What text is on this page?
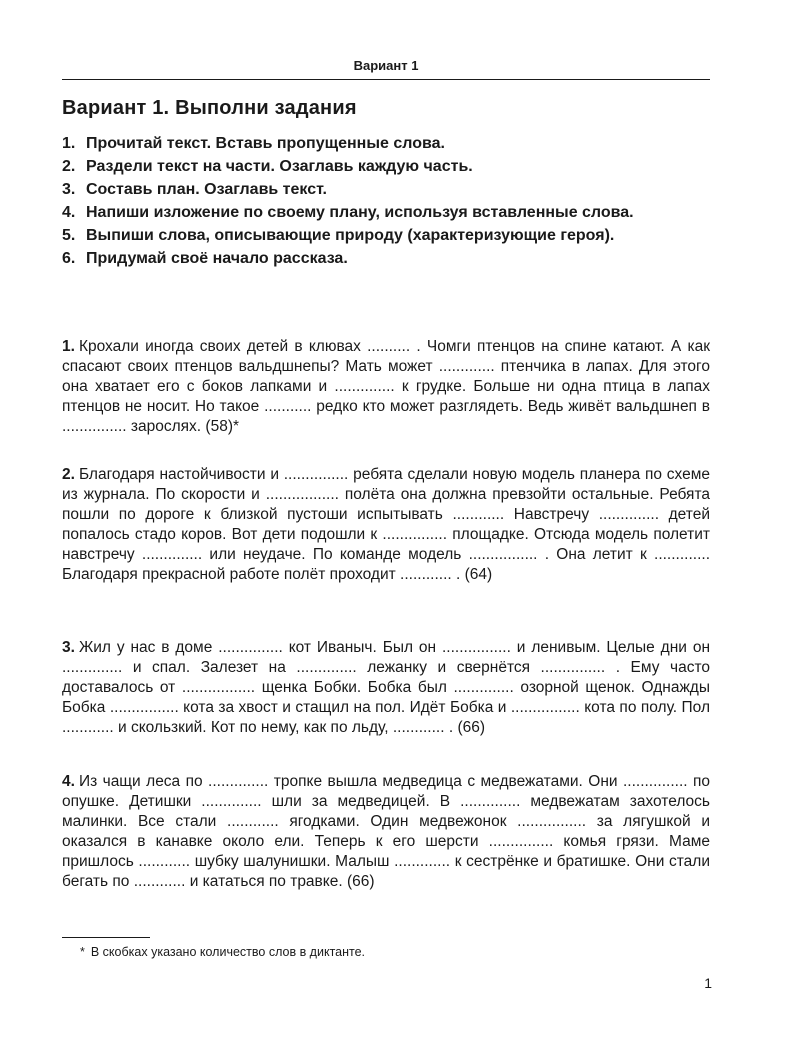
Вариант 1
Вариант 1. Выполни задания
1. Прочитай текст. Вставь пропущенные слова.
2. Раздели текст на части. Озаглавь каждую часть.
3. Составь план. Озаглавь текст.
4. Напиши изложение по своему плану, используя вставленные слова.
5. Выпиши слова, описывающие природу (характеризующие героя).
6. Придумай своё начало рассказа.

1. Крохали иногда своих детей в клювах .......... . Чомги птенцов на спине катают. А как спасают своих птенцов вальдшнепы? Мать может ............. птенчика в лапах. Для этого она хватает его с боков лапками и .............. к грудке. Больше ни одна птица в лапах птенцов не носит. Но такое ........... редко кто может разглядеть. Ведь живёт вальдшнеп в ............... зарослях. (58)*

2. Благодаря настойчивости и ............... ребята сделали новую модель планера по схеме из журнала. По скорости и ................. полёта она должна превзойти остальные. Ребята пошли по дороге к близкой пустоши испытывать ............ Навстречу .............. детей попалось стадо коров. Вот дети подошли к ............... площадке. Отсюда модель полетит навстречу .............. или неудаче. По команде модель ................ . Она летит к ............. Благодаря прекрасной работе полёт проходит ............ . (64)

3. Жил у нас в доме ............... кот Иваныч. Был он ................ и ленивым. Целые дни он .............. и спал. Залезет на .............. лежанку и свернётся ............... . Ему часто доставалось от ................. щенка Бобки. Бобка был .............. озорной щенок. Однажды Бобка ................ кота за хвост и стащил на пол. Идёт Бобка и ................ кота по полу. Пол ............ и скользкий. Кот по нему, как по льду, ............ . (66)

4. Из чащи леса по .............. тропке вышла медведица с медвежатами. Они ............... по опушке. Детишки .............. шли за медведицей. В .............. медвежатам захотелось малинки. Все стали ............ ягодками. Один медвежонок ................ за лягушкой и оказался в канавке около ели. Теперь к его шерсти ............... комья грязи. Маме пришлось ............ шубку шалунишки. Малыш ............. к сестрёнке и братишке. Они стали бегать по ............ и кататься по травке. (66)

* В скобках указано количество слов в диктанте.
1
